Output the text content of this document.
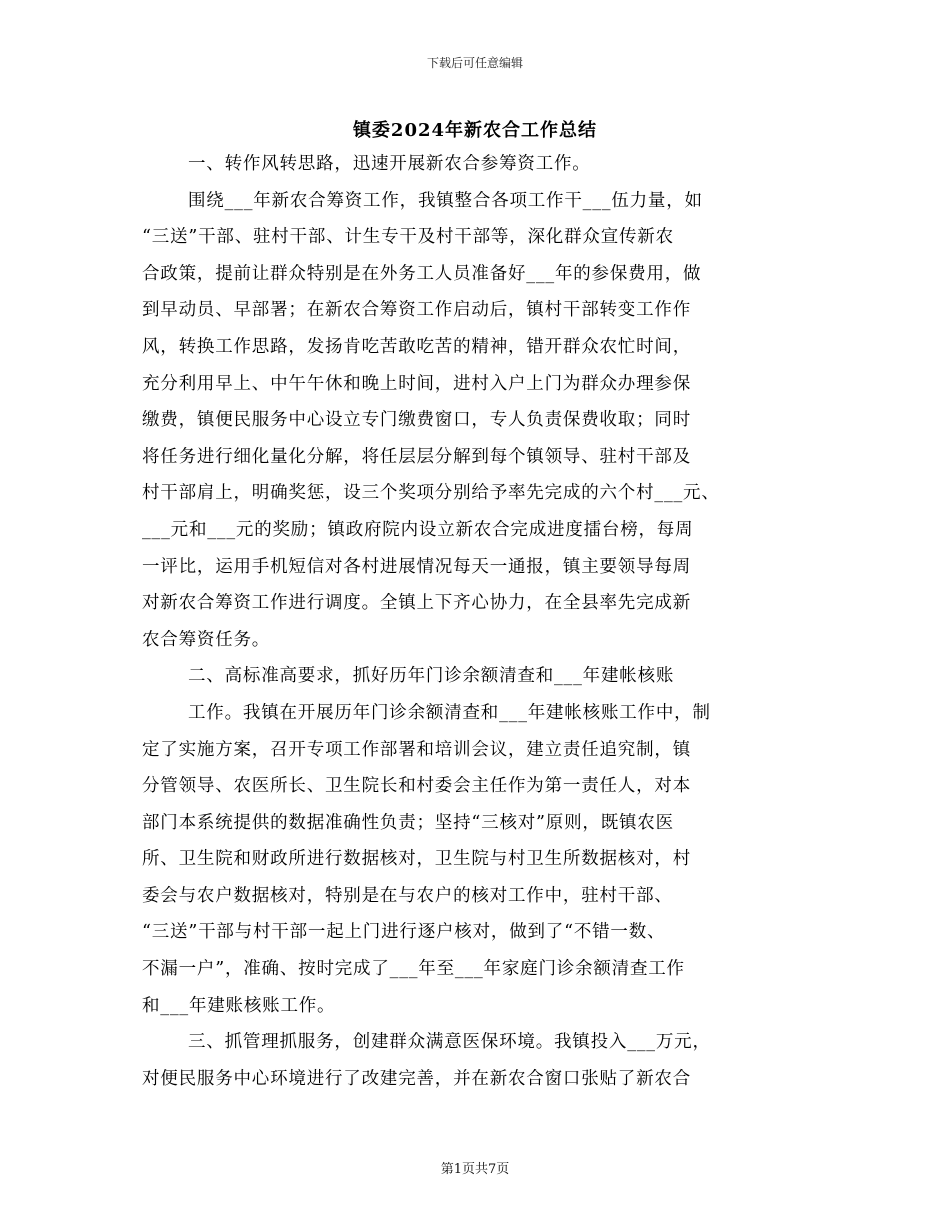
下载后可任意编辑
镇委2024年新农合工作总结
一、转作风转思路，迅速开展新农合参筹资工作。
围绕___年新农合筹资工作，我镇整合各项工作干___伍力量，如
“三送”干部、驻村干部、计生专干及村干部等，深化群众宣传新农
合政策，提前让群众特别是在外务工人员准备好___年的参保费用，做
到早动员、早部署；在新农合筹资工作启动后，镇村干部转变工作作
风，转换工作思路，发扬肯吃苦敢吃苦的精神，错开群众农忙时间，
充分利用早上、中午午休和晚上时间，进村入户上门为群众办理参保
缴费，镇便民服务中心设立专门缴费窗口，专人负责保费收取；同时
将任务进行细化量化分解，将任层层分解到每个镇领导、驻村干部及
村干部肩上，明确奖惩，设三个奖项分别给予率先完成的六个村___元、
___元和___元的奖励；镇政府院内设立新农合完成进度擂台榜，每周
一评比，运用手机短信对各村进展情况每天一通报，镇主要领导每周
对新农合筹资工作进行调度。全镇上下齐心协力，在全县率先完成新
农合筹资任务。
二、高标准高要求，抓好历年门诊余额清查和___年建帐核账
工作。我镇在开展历年门诊余额清查和___年建帐核账工作中，制
定了实施方案，召开专项工作部署和培训会议，建立责任追究制，镇
分管领导、农医所长、卫生院长和村委会主任作为第一责任人，对本
部门本系统提供的数据准确性负责；坚持“三核对”原则，既镇农医
所、卫生院和财政所进行数据核对，卫生院与村卫生所数据核对，村
委会与农户数据核对，特别是在与农户的核对工作中，驻村干部、
“三送”干部与村干部一起上门进行逐户核对，做到了“不错一数、
不漏一户”，准确、按时完成了___年至___年家庭门诊余额清查工作
和___年建账核账工作。
三、抓管理抓服务，创建群众满意医保环境。我镇投入___万元，
对便民服务中心环境进行了改建完善，并在新农合窗口张贴了新农合
第1页共7页
